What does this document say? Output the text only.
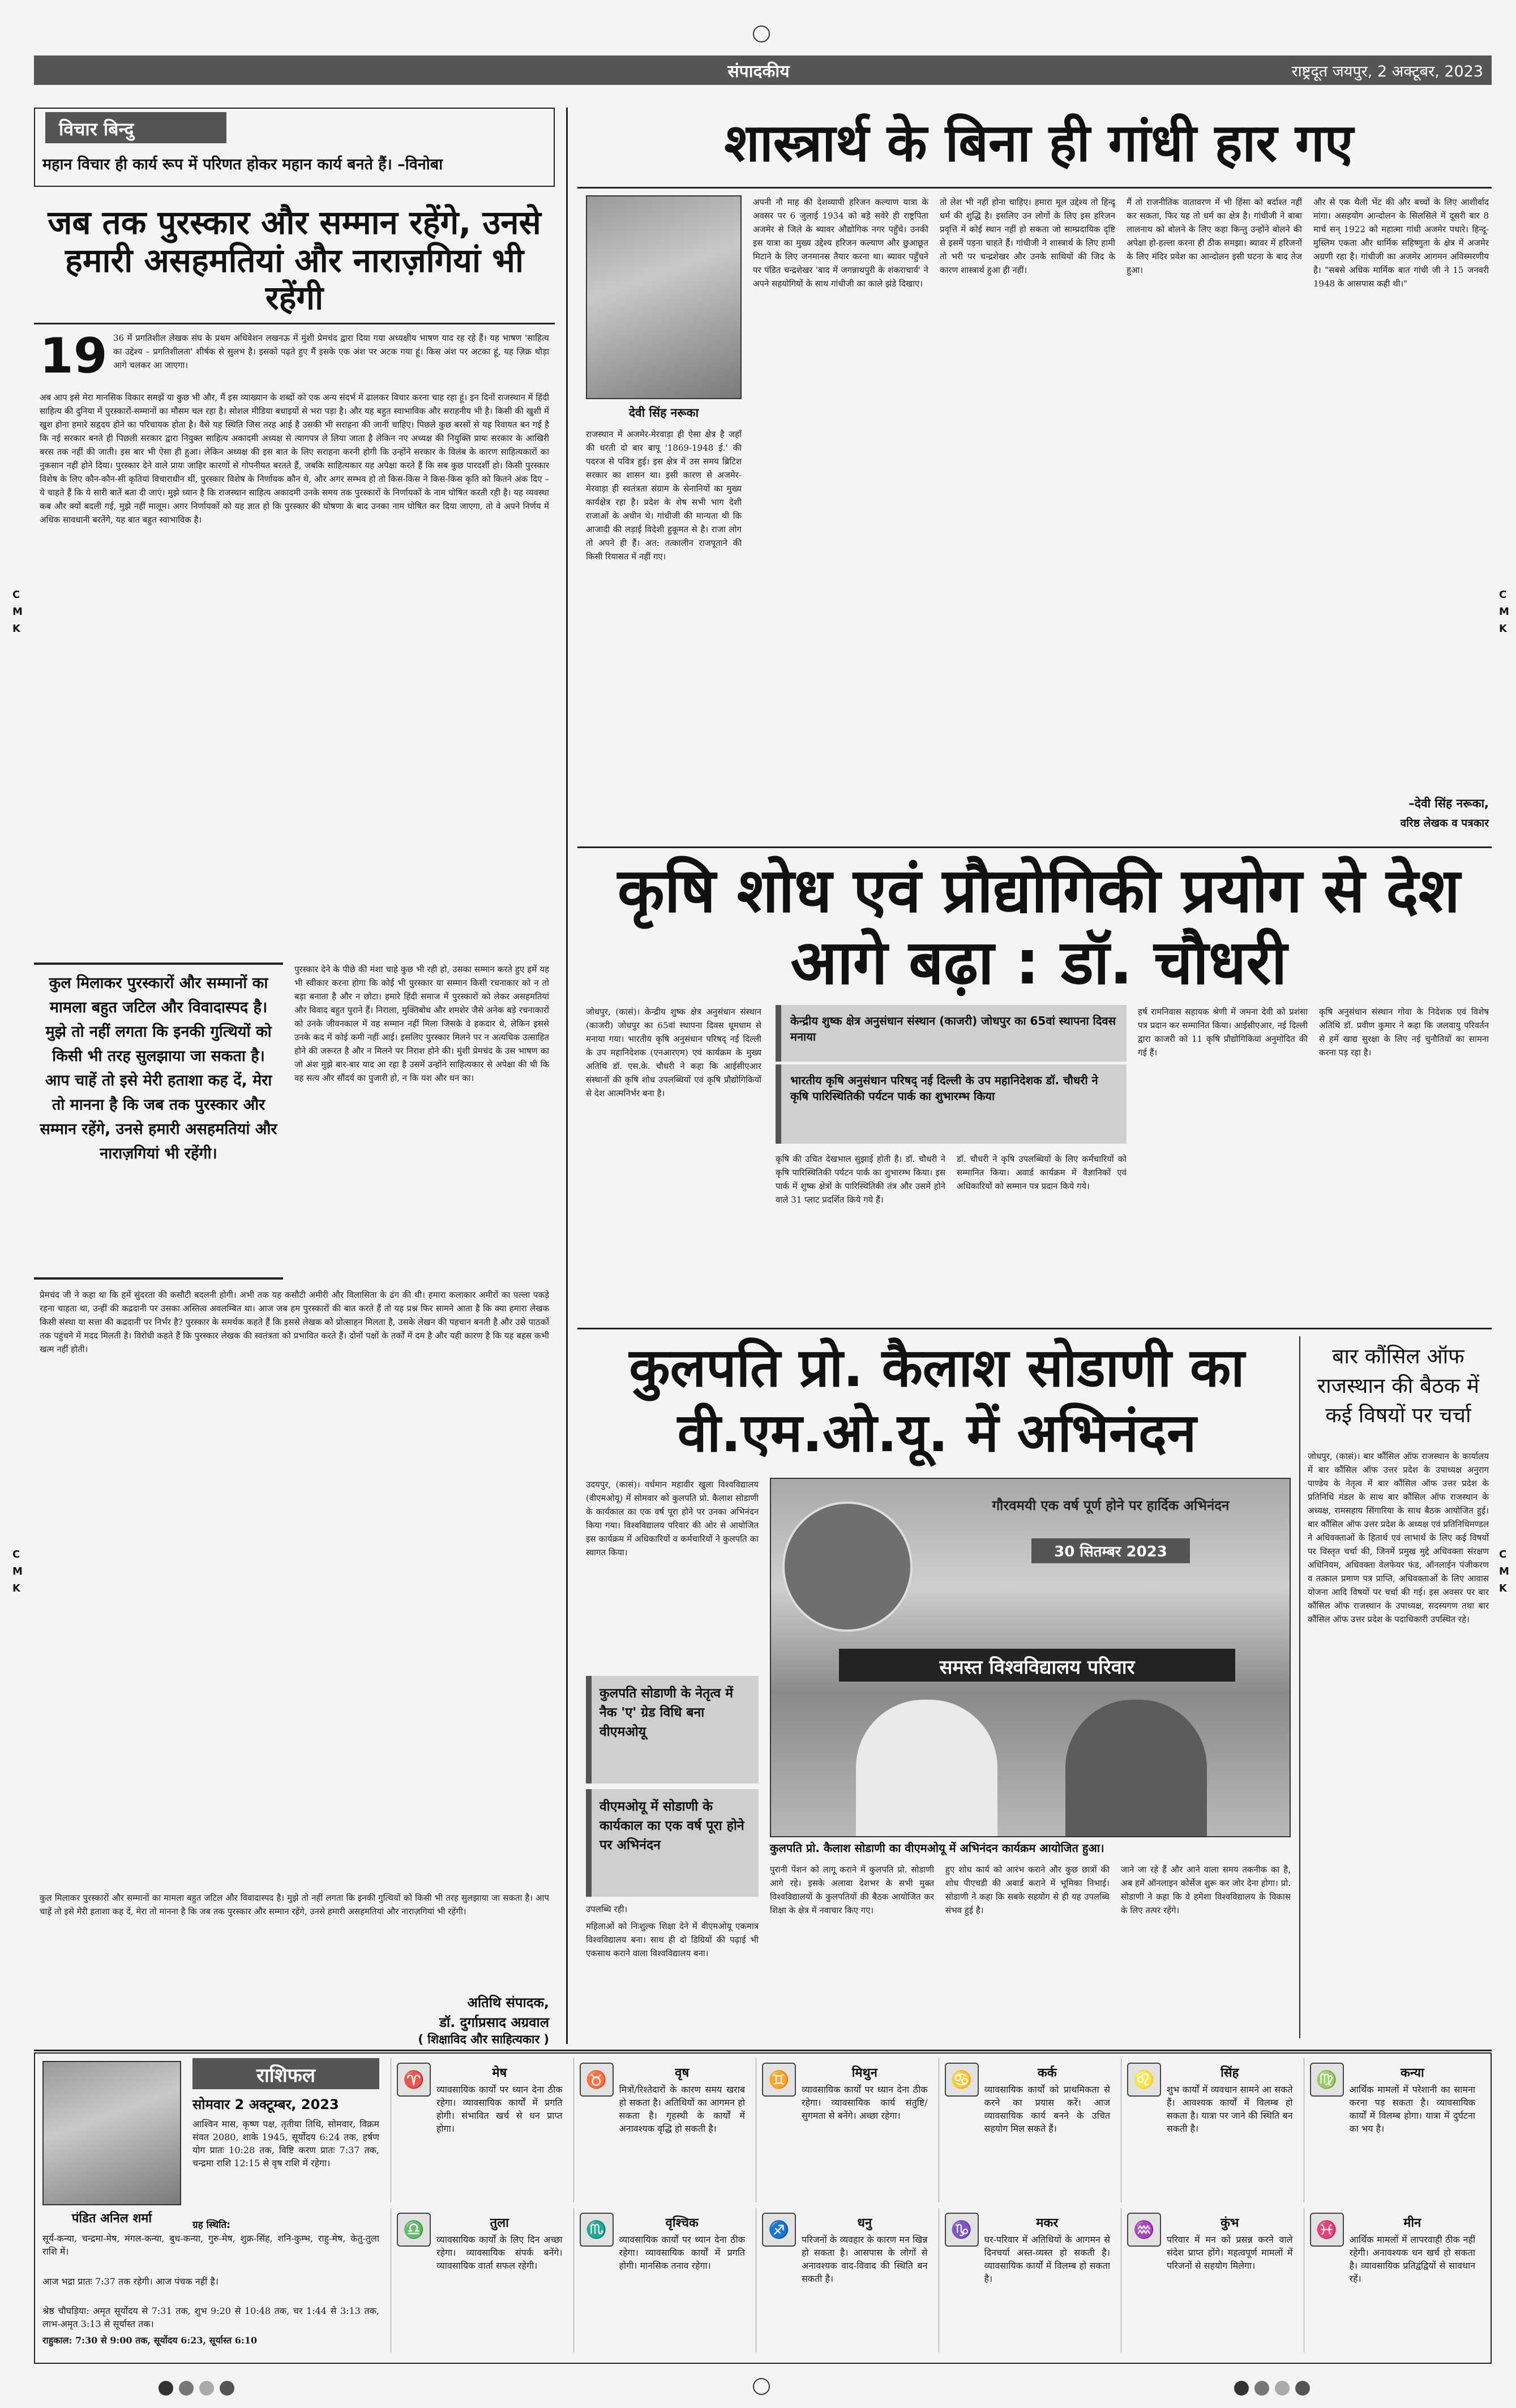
संपादकीय	राष्ट्रदूत जयपुर, 2 अक्टूबर, 2023
विचार बिन्दु
महान विचार ही कार्य रूप में परिणत होकर महान कार्य बनते हैं। –विनोबा
जब तक पुरस्कार और सम्मान रहेंगे, उनसे हमारी असहमतियां और नाराज़गियां भी रहेंगी
19 36 में प्रगतिशील लेखक संघ के प्रथम अधिवेशन लखनऊ में मुंशी प्रेमचंद द्वारा दिया गया अध्यक्षीय भाषण याद रह रहे हैं। यह भाषण 'साहित्य का उद्देश्य – प्रगतिशीलता' शीर्षक से सुलभ है। इसको पढ़ते हुए मैं इसके एक अंश पर अटक गया हूं। किस अंश पर अटका हूं, यह ज़िक्र थोड़ा आगे चलकर आ जाएगा।
अब आप इसे मेरा मानसिक विकार समझें या कुछ भी और, मैं इस व्याख्यान के शब्दों को एक अन्य संदर्भ में ढालकर विचार करना चाह रहा हूं। इन दिनों राजस्थान में हिंदी साहित्य की दुनिया में पुरस्कारों-सम्मानों का मौसम चल रहा है। सोशल मीडिया बधाइयों से भरा पड़ा है। और यह बहुत स्वाभाविक और सराहनीय भी है। किसी की खुशी में खुश होना हमारे सहृदय होने का परिचायक होता है। वैसे यह स्थिति जिस तरह आई है उसकी भी सराहना की जानी चाहिए। पिछले कुछ बरसों से यह रिवायत बन गई है कि नई सरकार बनते ही पिछली सरकार द्वारा नियुक्त साहित्य अकादमी अध्यक्ष से त्यागपत्र ले लिया जाता है लेकिन नए अध्यक्ष की नियुक्ति प्रायः सरकार के आखिरी बरस तक नहीं की जाती। इस बार भी ऐसा ही हुआ। लेकिन अध्यक्ष की इस बात के लिए सराहना करनी होगी कि उन्होंने सरकार के विलंब के कारण साहित्यकारों का नुकसान नहीं होने दिया। पुरस्कार देने वाले प्रायः जाहिर कारणों से गोपनीयत बरतते हैं, जबकि साहित्यकार यह अपेक्षा करते हैं कि सब कुछ पारदर्शी हो। किसी पुरस्कार विशेष के लिए कौन-कौन-सी कृतियां विचाराधीन थीं, पुरस्कार विशेष के निर्णायक कौन थे, और अगर सम्भव हो तो किस-किस ने किस-किस कृति को कितने अंक दिए – ये चाहते हैं कि ये सारी बातें बता दी जाएं। मुझे ध्यान है कि राजस्थान साहित्य अकादमी उनके समय तक पुरस्कारों के निर्णायकों के नाम घोषित करती रही है। यह व्यवस्था कब और क्यों बदली गई, मुझे नहीं मालूम। अगर निर्णायकों को यह ज्ञात हो कि पुरस्कार की घोषणा के बाद उनका नाम घोषित कर दिया जाएगा, तो वे अपने निर्णय में अधिक सावधानी बरतेंगे, यह बात बहुत स्वाभाविक है।
कुल मिलाकर पुरस्कारों और सम्मानों का मामला बहुत जटिल और विवादास्पद है। मुझे तो नहीं लगता कि इनकी गुत्थियों को किसी भी तरह सुलझाया जा सकता है। आप चाहें तो इसे मेरी हताशा कह दें, मेरा तो मानना है कि जब तक पुरस्कार और सम्मान रहेंगे, उनसे हमारी असहमतियां और नाराज़गियां भी रहेंगी।
पुरस्कार देने के पीछे की मंशा चाहे कुछ भी रही हो, उसका सम्मान करते हुए हमें यह भी स्वीकार करना होगा कि कोई भी पुरस्कार या सम्मान किसी रचनाकार को न तो बड़ा बनाता है और न छोटा। हमारे हिंदी समाज में पुरस्कारों को लेकर असहमतियां और विवाद बहुत पुराने हैं। निराला, मुक्तिबोध और शमशेर जैसे अनेक बड़े रचनाकारों को उनके जीवनकाल में वह सम्मान नहीं मिला जिसके वे हकदार थे, लेकिन इससे उनके कद में कोई कमी नहीं आई। इसलिए पुरस्कार मिलने पर न अत्यधिक उत्साहित होने की जरूरत है और न मिलने पर निराश होने की। मुंशी प्रेमचंद के उस भाषण का जो अंश मुझे बार-बार याद आ रहा है उसमें उन्होंने साहित्यकार से अपेक्षा की थी कि वह सत्य और सौंदर्य का पुजारी हो, न कि यश और धन का।
प्रेमचंद जी ने कहा था कि हमें सुंदरता की कसौटी बदलनी होगी। अभी तक यह कसौटी अमीरी और विलासिता के ढंग की थी। हमारा कलाकार अमीरों का पल्ला पकड़े रहना चाहता था, उन्हीं की कद्रदानी पर उसका अस्तित्व अवलम्बित था। आज जब हम पुरस्कारों की बात करते हैं तो यह प्रश्न फिर सामने आता है कि क्या हमारा लेखक किसी संस्था या सत्ता की कद्रदानी पर निर्भर है? पुरस्कार के समर्थक कहते हैं कि इससे लेखक को प्रोत्साहन मिलता है, उसके लेखन की पहचान बनती है और उसे पाठकों तक पहुंचने में मदद मिलती है। विरोधी कहते हैं कि पुरस्कार लेखक की स्वतंत्रता को प्रभावित करते हैं। दोनों पक्षों के तर्कों में दम है और यही कारण है कि यह बहस कभी खत्म नहीं होती।
कुल मिलाकर पुरस्कारों और सम्मानों का मामला बहुत जटिल और विवादास्पद है। मुझे तो नहीं लगता कि इनकी गुत्थियों को किसी भी तरह सुलझाया जा सकता है। आप चाहें तो इसे मेरी हताशा कह दें, मेरा तो मानना है कि जब तक पुरस्कार और सम्मान रहेंगे, उनसे हमारी असहमतियां और नाराज़गियां भी रहेंगी।
अतिथि संपादक,
डॉ. दुर्गाप्रसाद अग्रवाल
( शिक्षाविद और साहित्यकार )
शास्त्रार्थ के बिना ही गांधी हार गए
देवी सिंह नरूका
राजस्थान में अजमेर-मेरवाड़ा ही ऐसा क्षेत्र है जहाँ की धरती दो बार बापू '1869-1948 ई.' की पदरज से पवित्र हुई। इस क्षेत्र में उस समय ब्रिटिश सरकार का शासन था। इसी कारण से अजमेर-मेरवाड़ा ही स्वतंत्रता संग्राम के सेनानियों का मुख्य कार्यक्षेत्र रहा है। प्रदेश के शेष सभी भाग देशी राजाओं के अधीन थे। गांधीजी की मान्यता थी कि आजादी की लड़ाई विदेशी हुकूमत से है। राजा लोग तो अपने ही हैं। अत: तत्कालीन राजपूताने की किसी रियासत में नहीं गए।
अपनी नौ माह की देशव्यापी हरिजन कल्याण यात्रा के अवसर पर 6 जुलाई 1934 को बड़े सवेरे ही राष्ट्रपिता अजमेर से जिले के ब्यावर औद्योगिक नगर पहुँचे। उनकी इस यात्रा का मुख्य उद्देश्य हरिजन कल्याण और छुआछूत मिटाने के लिए जनमानस तैयार करना था। ब्यावर पहुँचने पर पंडित चन्द्रशेखर 'बाद में जगन्नाथपुरी के शंकराचार्य' ने अपने सहयोगियों के साथ गांधीजी का काले झंडे दिखाए।
तो लेश भी नहीं होना चाहिए। हमारा मूल उद्देश्य तो हिन्दू धर्म की शुद्धि है। इसलिए उन लोगों के लिए इस हरिजन प्रवृत्ति में कोई स्थान नहीं हो सकता जो साम्प्रदायिक दृष्टि से इसमें पड़ना चाहते हैं। गांधीजी ने शास्त्रार्थ के लिए हामी तो भरी पर चन्द्रशेखर और उनके साथियों की जिद के कारण शास्त्रार्थ हुआ ही नहीं।
मैं तो राजनीतिक वातावरण में भी हिंसा को बर्दाश्त नहीं कर सकता, फिर यह तो धर्म का क्षेत्र है। गांधीजी ने बाबा लालनाथ को बोलने के लिए कहा किन्तु उन्होंने बोलने की अपेक्षा हो-हल्ला करना ही ठीक समझा। ब्यावर में हरिजनों के लिए मंदिर प्रवेश का आन्दोलन इसी घटना के बाद तेज हुआ।
और से एक थैली भेंट की और बच्चों के लिए आशीर्वाद मांगा। असहयोग आन्दोलन के सिलसिले में दूसरी बार 8 मार्च सन् 1922 को महात्मा गांधी अजमेर पधारे। हिन्दू-मुस्लिम एकता और धार्मिक सहिष्णुता के क्षेत्र में अजमेर अग्रणी रहा है। गांधीजी का अजमेर आगमन अविस्मरणीय है। "सबसे अधिक मार्मिक बात गांधी जी ने 15 जनवरी 1948 के आसपास कही थी।"
–देवी सिंह नरूका,
वरिष्ठ लेखक व पत्रकार
कृषि शोध एवं प्रौद्योगिकी प्रयोग से देश आगे बढ़ा : डॉ. चौधरी
जोधपुर, (कासं)। केन्द्रीय शुष्क क्षेत्र अनुसंधान संस्थान (काजरी) जोधपुर का 65वां स्थापना दिवस धूमधाम से मनाया गया। भारतीय कृषि अनुसंधान परिषद् नई दिल्ली के उप महानिदेशक (एनआरएम) एवं कार्यक्रम के मुख्य अतिथि डॉ. एस.के. चौधरी ने कहा कि आईसीएआर संस्थानों की कृषि शोध उपलब्धियों एवं कृषि प्रौद्योगिकियों से देश आत्मनिर्भर बना है।
केन्द्रीय शुष्क क्षेत्र अनुसंधान संस्थान (काजरी) जोधपुर का 65वां स्थापना दिवस मनाया
भारतीय कृषि अनुसंधान परिषद् नई दिल्ली के उप महानिदेशक डॉ. चौधरी ने कृषि पारिस्थितिकी पर्यटन पार्क का शुभारम्भ किया
कृषि की उचित देखभाल सुझाई होती है। डॉ. चौधरी ने कृषि पारिस्थितिकी पर्यटन पार्क का शुभारम्भ किया। इस पार्क में शुष्क क्षेत्रों के पारिस्थितिकी तंत्र और उसमें होने वाले 31 प्लाट प्रदर्शित किये गये हैं।
डॉ. चौधरी ने कृषि उपलब्धियों के लिए कर्मचारियों को सम्मानित किया। अवार्ड कार्यक्रम में वैज्ञानिकों एवं अधिकारियों को सम्मान पत्र प्रदान किये गये।
हर्ष रामनिवास सहायक श्रेणी में जमना देवी को प्रशंसा पत्र प्रदान कर सम्मानित किया। आईसीएआर, नई दिल्ली द्वारा काजरी को 11 कृषि प्रौद्योगिकियां अनुमोदित की गई हैं।
कृषि अनुसंधान संस्थान गोवा के निदेशक एवं विशेष अतिथि डॉ. प्रवीण कुमार ने कहा कि जलवायु परिवर्तन से हमें खाद्य सुरक्षा के लिए नई चुनौतियों का सामना करना पड़ रहा है।
कुलपति प्रो. कैलाश सोडाणी का वी.एम.ओ.यू. में अभिनंदन
उदयपुर, (कासं)। वर्धमान महावीर खुला विश्वविद्यालय (वीएमओयू) में सोमवार को कुलपति प्रो. कैलाश सोडाणी के कार्यकाल का एक वर्ष पूरा होने पर उनका अभिनंदन किया गया। विश्वविद्यालय परिवार की ओर से आयोजित इस कार्यक्रम में अधिकारियों व कर्मचारियों ने कुलपति का स्वागत किया।
कुलपति सोडाणी के नेतृत्व में नैक 'ए' ग्रेड विधि बना वीएमओयू
वीएमओयू में सोडाणी के कार्यकाल का एक वर्ष पूरा होने पर अभिनंदन
उपलब्धि रही।
महिलाओं को निःशुल्क शिक्षा देने में वीएमओयू एकमात्र विश्वविद्यालय बना। साथ ही दो डिग्रियों की पढ़ाई भी एकसाथ कराने वाला विश्वविद्यालय बना।
गौरवमयी एक वर्ष पूर्ण होने पर हार्दिक अभिनंदन
30 सितम्बर 2023
समस्त विश्वविद्यालय परिवार
कुलपति प्रो. कैलाश सोडाणी का वीएमओयू में अभिनंदन कार्यक्रम आयोजित हुआ।
पुरानी पेंशन को लागू कराने में कुलपति प्रो. सोडाणी आगे रहे। इसके अलावा देशभर के सभी मुक्त विश्वविद्यालयों के कुलपतियों की बैठक आयोजित कर शिक्षा के क्षेत्र में नवाचार किए गए।
हुए शोध कार्य को आरंभ कराने और कुछ छात्रों की शोध पीएचडी की अवार्ड कराने में भूमिका निभाई। सोडाणी ने कहा कि सबके सहयोग से ही यह उपलब्धि संभव हुई है।
जाने जा रहे हैं और आने वाला समय तकनीक का है, अब हमें ऑनलाइन कोर्सेज शुरू कर जोर देना होगा। प्रो. सोडाणी ने कहा कि वे हमेशा विश्वविद्यालय के विकास के लिए तत्पर रहेंगे।
बार कौंसिल ऑफ राजस्थान की बैठक में कई विषयों पर चर्चा
जोधपुर, (कासं)। बार कौंसिल ऑफ राजस्थान के कार्यालय में बार कौंसिल ऑफ उत्तर प्रदेश के उपाध्यक्ष अनुराग पाण्डेय के नेतृत्व में बार कौंसिल ऑफ उत्तर प्रदेश के प्रतिनिधि मंडल के साथ बार कौंसिल ऑफ राजस्थान के अध्यक्ष, रामसहाय सिंगारिया के साथ बैठक आयोजित हुई। बार कौंसिल ऑफ उत्तर प्रदेश के अध्यक्ष एवं प्रतिनिधिमण्डल ने अधिवक्ताओं के हितार्थ एवं लाभार्थ के लिए कई विषयों पर विस्तृत चर्चा की, जिनमें प्रमुख मुद्दे अधिवक्ता संरक्षण अधिनियम, अधिवक्ता वेलफेयर फंड, ऑनलाईन पंजीकरण व तत्काल प्रमाण पत्र प्राप्ति, अधिवक्ताओं के लिए आवास योजना आदि विषयों पर चर्चा की गई। इस अवसर पर बार कौंसिल ऑफ राजस्थान के उपाध्यक्ष, सदस्यगण तथा बार कौंसिल ऑफ उत्तर प्रदेश के पदाधिकारी उपस्थित रहे।
राशिफल
पंडित अनिल शर्मा
सोमवार 2 अक्टूम्बर, 2023
आश्विन मास, कृष्ण पक्ष, तृतीया तिथि, सोमवार, विक्रम संवत 2080, शाके 1945, सूर्योदय 6:24 तक, हर्षण योग प्रातः 10:28 तक, विष्टि करण प्रातः 7:37 तक, चन्द्रमा राशि 12:15 से वृष राशि में रहेगा।
ग्रह स्थिति:
सूर्य-कन्या, चन्द्रमा-मेष, मंगल-कन्या, बुध-कन्या, गुरु-मेष, शुक्र-सिंह, शनि-कुम्भ, राहु-मेष, केतु-तुला राशि में।
आज भद्रा प्रातः 7:37 तक रहेगी। आज पंचक नहीं है।
श्रेष्ठ चौघड़िया: अमृत सूर्योदय से 7:31 तक, शुभ 9:20 से 10:48 तक, चर 1:44 से 3:13 तक, लाभ-अमृत 3:13 से सूर्यास्त तक।
राहुकाल: 7:30 से 9:00 तक, सूर्योदय 6:23, सूर्यास्त 6:10
♈	मेष
व्यावसायिक कार्यों पर ध्यान देना ठीक रहेगा। व्यावसायिक कार्यों में प्रगति होगी। संभावित खर्च से धन प्राप्त होगा।
♉	वृष
मित्रों/रिश्तेदारों के कारण समय खराब हो सकता है। अतिथियों का आगमन हो सकता है। गृहस्थी के कार्यों में अनावश्यक वृद्धि हो सकती है।
♊	मिथुन
व्यावसायिक कार्यों पर ध्यान देना ठीक रहेगा। व्यावसायिक कार्य संतुष्टि/सुगमता से बनेंगे। अच्छा रहेगा।
♋	कर्क
व्यावसायिक कार्यों को प्राथमिकता से करने का प्रयास करें। आज व्यावसायिक कार्य बनने के उचित सहयोग मिल सकते हैं।
♌	सिंह
शुभ कार्यों में व्यवधान सामने आ सकते हैं। आवश्यक कार्यों में विलम्ब हो सकता है। यात्रा पर जाने की स्थिति बन सकती है।
♍	कन्या
आर्थिक मामलों में परेशानी का सामना करना पड़ सकता है। व्यावसायिक कार्यों में विलम्ब होगा। यात्रा में दुर्घटना का भय है।
♎	तुला
व्यावसायिक कार्यों के लिए दिन अच्छा रहेगा। व्यावसायिक संपर्क बनेंगे। व्यावसायिक वार्ता सफल रहेगी।
♏	वृश्चिक
व्यावसायिक कार्यों पर ध्यान देना ठीक रहेगा। व्यावसायिक कार्यों में प्रगति होगी। मानसिक तनाव रहेगा।
♐	धनु
परिजनों के व्यवहार के कारण मन खिन्न हो सकता है। आसपास के लोगों से अनावश्यक वाद-विवाद की स्थिति बन सकती है।
♑	मकर
घर-परिवार में अतिथियों के आगमन से दिनचर्या अस्त-व्यस्त हो सकती है। व्यावसायिक कार्यों में विलम्ब हो सकता है।
♒	कुंभ
परिवार में मन को प्रसन्न करने वाले संदेश प्राप्त होंगे। महत्वपूर्ण मामलों में परिजनों से सहयोग मिलेगा।
♓	मीन
आर्थिक मामलों में लापरवाही ठीक नहीं रहेगी। अनावश्यक धन खर्च हो सकता है। व्यावसायिक प्रतिद्वंद्वियों से सावधान रहें।
C
M
K
C
M
K
C
M
K
C
M
K
